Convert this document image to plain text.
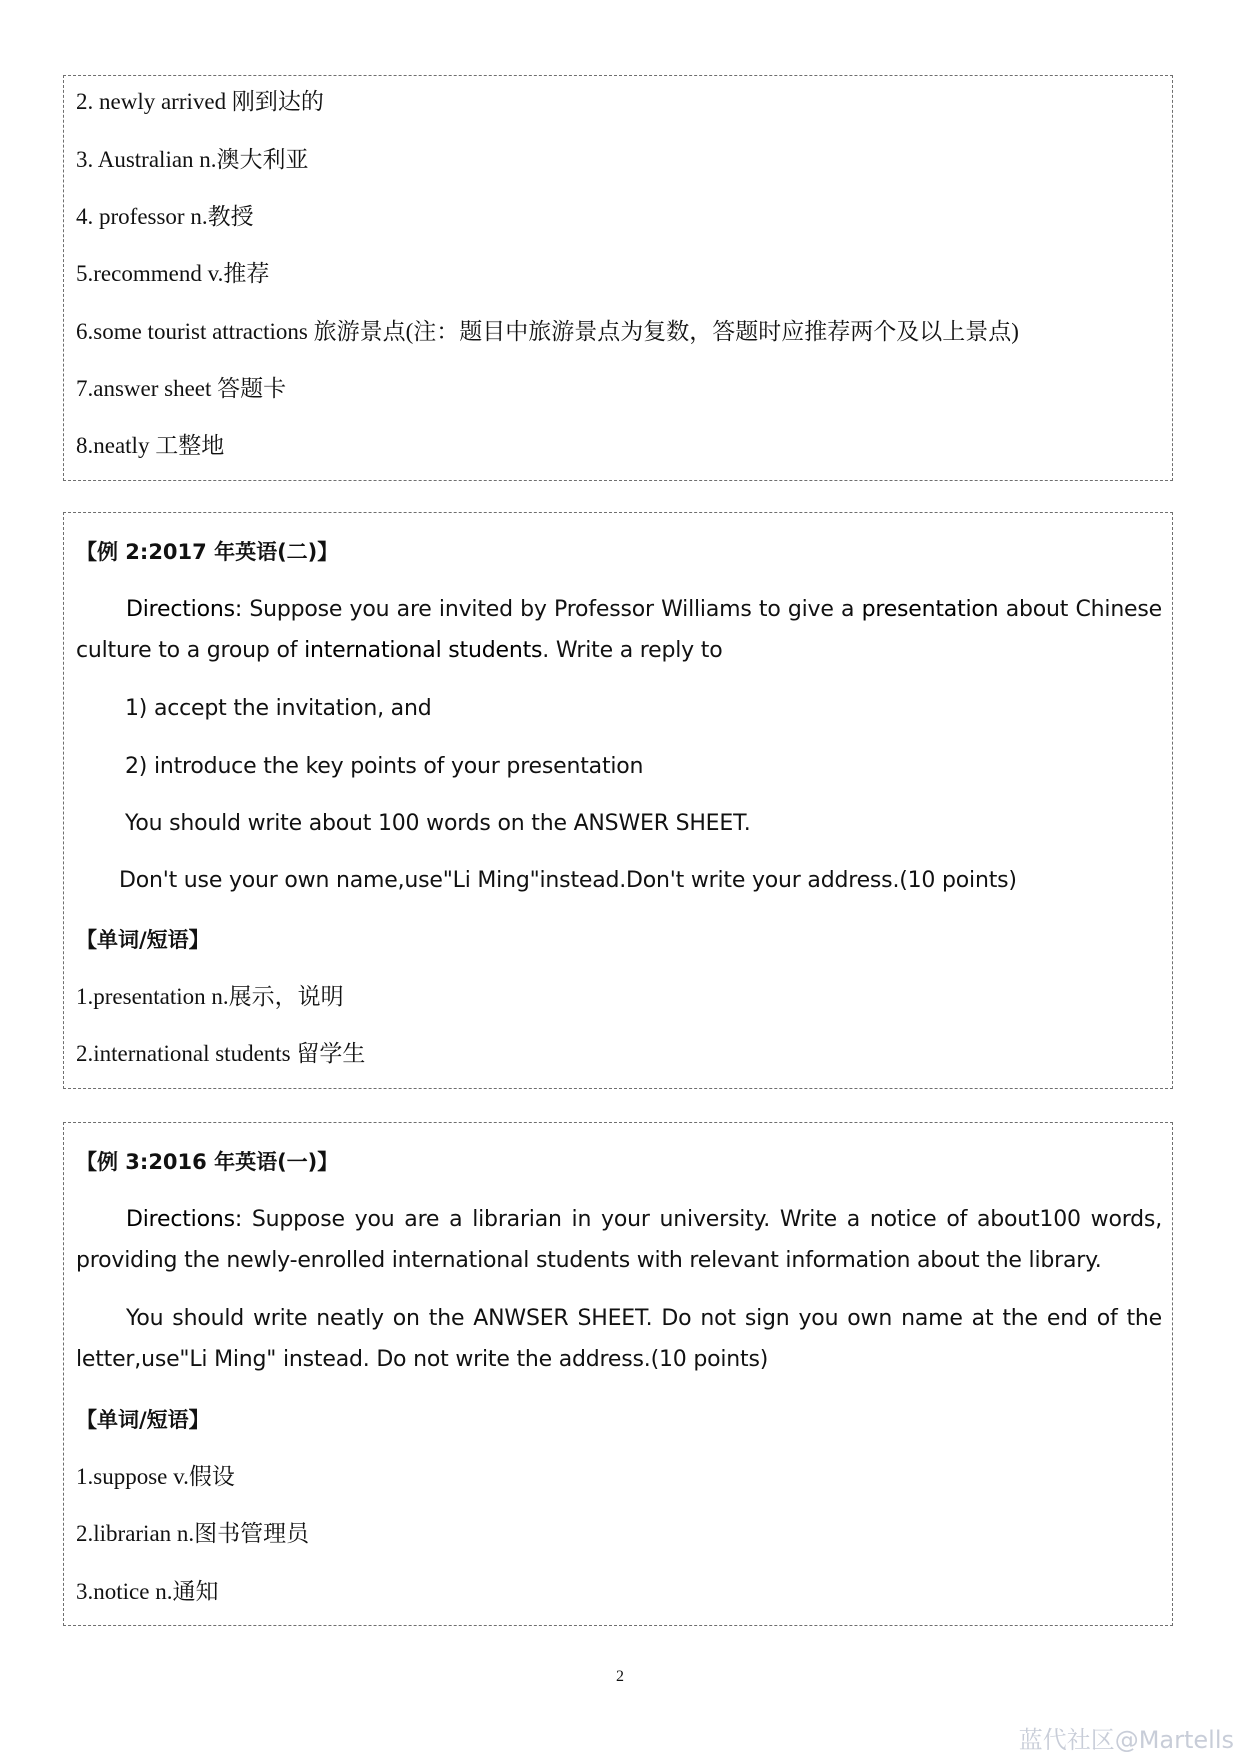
2. newly arrived 刚到达的
3. Australian n.澳大利亚
4. professor n.教授
5.recommend v.推荐
6.some tourist attractions 旅游景点(注：题目中旅游景点为复数，答题时应推荐两个及以上景点)
7.answer sheet 答题卡
8.neatly 工整地
【例 2:2017 年英语(二)】
Directions: Suppose you are invited by Professor Williams to give a presentation about Chinese culture to a group of international students. Write a reply to
1) accept the invitation, and
2) introduce the key points of your presentation
You should write about 100 words on the ANSWER SHEET.
Don't use your own name,use"Li Ming"instead.Don't write your address.(10 points)
【单词/短语】
1.presentation n.展示，说明
2.international students 留学生
【例 3:2016 年英语(一)】
Directions: Suppose you are a librarian in your university. Write a notice of about100 words, providing the newly-enrolled international students with relevant information about the library.
You should write neatly on the ANWSER SHEET. Do not sign you own name at the end of the letter,use"Li Ming" instead. Do not write the address.(10 points)
【单词/短语】
1.suppose v.假设
2.librarian n.图书管理员
3.notice n.通知
2
蓝代社区@Martells
